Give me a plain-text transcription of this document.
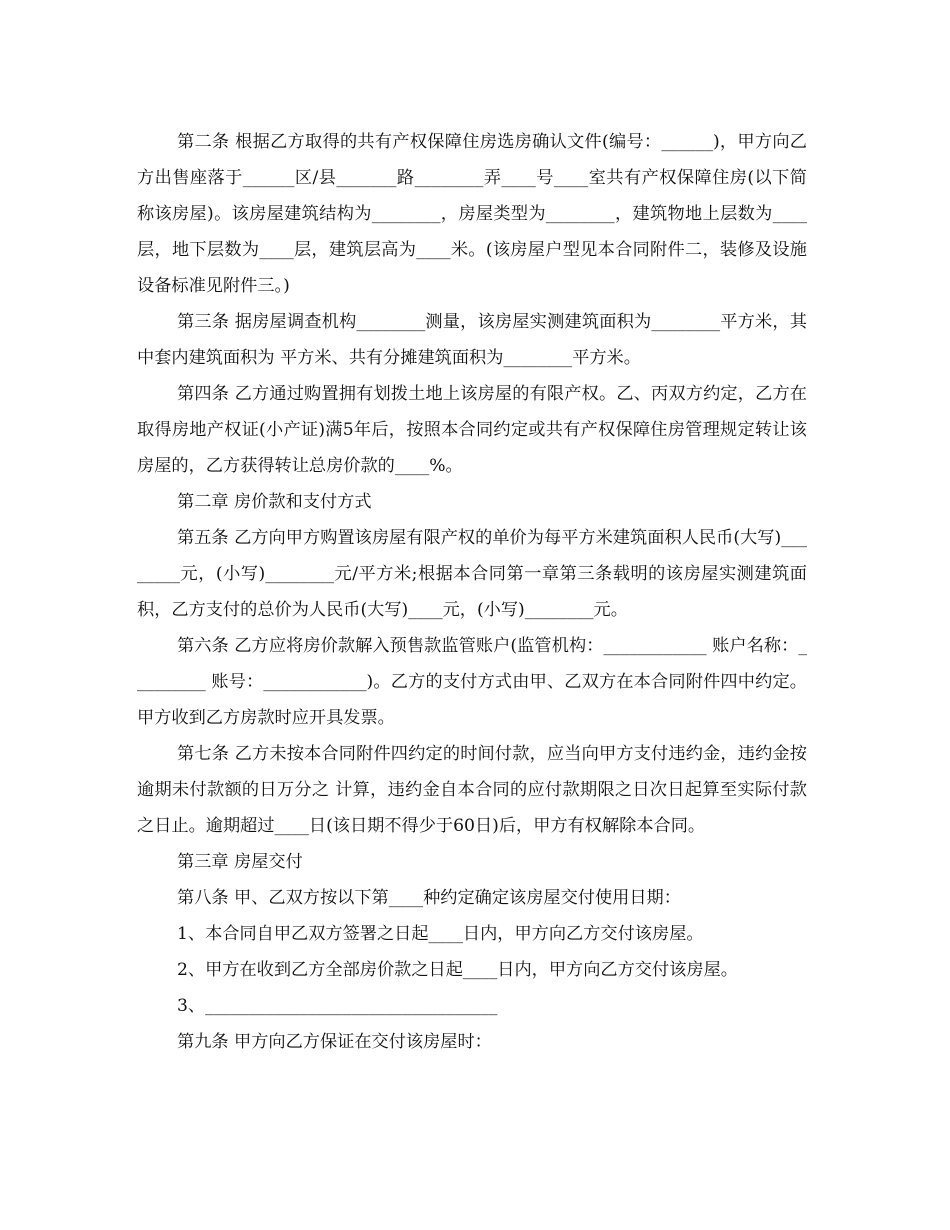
第二条 根据乙方取得的共有产权保障住房选房确认文件(编号：______)，甲方向乙方出售座落于______区/县_______路________弄____号____室共有产权保障住房(以下简称该房屋)。该房屋建筑结构为________，房屋类型为________，建筑物地上层数为____层，地下层数为____层，建筑层高为____米。(该房屋户型见本合同附件二，装修及设施设备标准见附件三。)

第三条 据房屋调查机构________测量，该房屋实测建筑面积为________平方米，其中套内建筑面积为 平方米、共有分摊建筑面积为________平方米。

第四条 乙方通过购置拥有划拨土地上该房屋的有限产权。乙、丙双方约定，乙方在取得房地产权证(小产证)满5年后，按照本合同约定或共有产权保障住房管理规定转让该房屋的，乙方获得转让总房价款的____%。

第二章 房价款和支付方式

第五条 乙方向甲方购置该房屋有限产权的单价为每平方米建筑面积人民币(大写)________元，(小写)________元/平方米;根据本合同第一章第三条载明的该房屋实测建筑面积，乙方支付的总价为人民币(大写)____元，(小写)________元。

第六条 乙方应将房价款解入预售款监管账户(监管机构：____________ 账户名称：_________ 账号：____________)。乙方的支付方式由甲、乙双方在本合同附件四中约定。甲方收到乙方房款时应开具发票。

第七条 乙方未按本合同附件四约定的时间付款，应当向甲方支付违约金，违约金按逾期未付款额的日万分之 计算，违约金自本合同的应付款期限之日次日起算至实际付款之日止。逾期超过____日(该日期不得少于60日)后，甲方有权解除本合同。

第三章 房屋交付

第八条 甲、乙双方按以下第____种约定确定该房屋交付使用日期：

1、本合同自甲乙双方签署之日起____日内，甲方向乙方交付该房屋。

2、甲方在收到乙方全部房价款之日起____日内，甲方向乙方交付该房屋。

3、__________________________________

第九条 甲方向乙方保证在交付该房屋时：
